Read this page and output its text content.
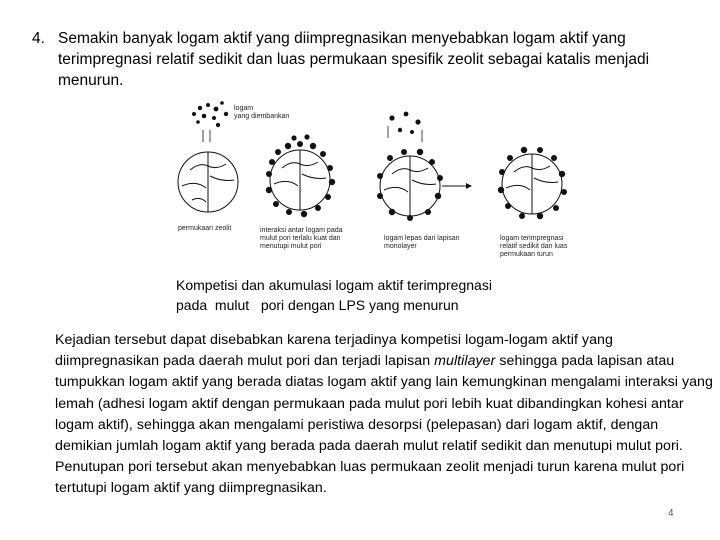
4. Semakin banyak logam aktif yang diimpregnasikan menyebabkan logam aktif yang terimpregnasi relatif sedikit dan luas permukaan spesifik zeolit sebagai katalis menjadi menurun.
logam
yang diembankan
permukaan zeolit	interaksi antar logam pada
mulut pori terlalu kuat dan
menutupi mulut pori
logam lepas dari lapisan
monolayer
logam terimpregnasi
relatif sedikit dan luas
permukaan turun
Kompetisi dan akumulasi logam aktif terimpregnasi
pada  mulut   pori dengan LPS yang menurun
Kejadian tersebut dapat disebabkan karena terjadinya kompetisi logam-logam aktif yang diimpregnasikan pada daerah mulut pori dan terjadi lapisan multilayer sehingga pada lapisan atau tumpukkan logam aktif yang berada diatas logam aktif yang lain kemungkinan mengalami interaksi yang lemah (adhesi logam aktif dengan permukaan pada mulut pori lebih kuat dibandingkan kohesi antar logam aktif), sehingga akan mengalami peristiwa desorpsi (pelepasan) dari logam aktif, dengan demikian jumlah logam aktif yang berada pada daerah mulut relatif sedikit dan menutupi mulut pori. Penutupan pori tersebut akan menyebabkan luas permukaan zeolit menjadi turun karena mulut pori tertutupi logam aktif yang diimpregnasikan.
4
